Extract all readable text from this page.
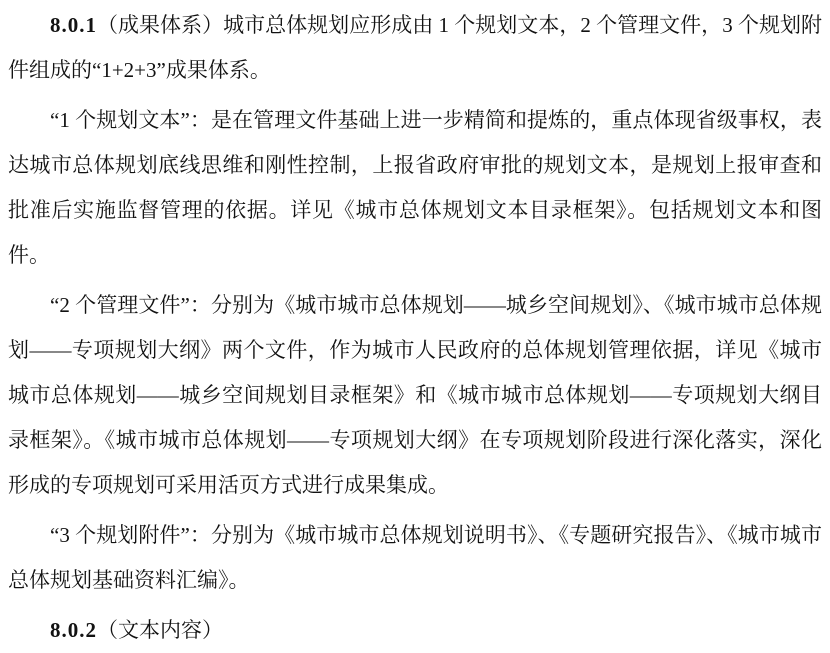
8.0.1（成果体系）城市总体规划应形成由 1 个规划文本，2 个管理文件，3 个规划附件组成的“1+2+3”成果体系。

“1 个规划文本”：是在管理文件基础上进一步精简和提炼的，重点体现省级事权，表达城市总体规划底线思维和刚性控制，上报省政府审批的规划文本，是规划上报审查和批准后实施监督管理的依据。详见《城市总体规划文本目录框架》。包括规划文本和图件。

“2 个管理文件”：分别为《城市城市总体规划——城乡空间规划》、《城市城市总体规划——专项规划大纲》两个文件，作为城市人民政府的总体规划管理依据，详见《城市城市总体规划——城乡空间规划目录框架》和《城市城市总体规划——专项规划大纲目录框架》。《城市城市总体规划——专项规划大纲》在专项规划阶段进行深化落实，深化形成的专项规划可采用活页方式进行成果集成。

“3 个规划附件”：分别为《城市城市总体规划说明书》、《专题研究报告》、《城市城市总体规划基础资料汇编》。

8.0.2（文本内容）
